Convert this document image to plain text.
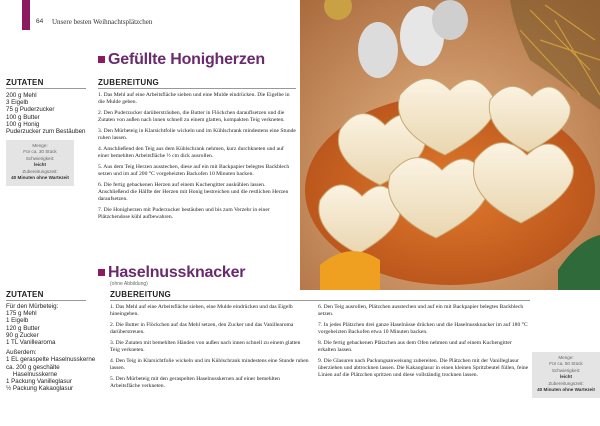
64 Unsere besten Weihnachtsplätzchen
Gefüllte Honigherzen
ZUTATEN	ZUBEREITUNG
200 g Mehl
3 Eigelb
75 g Puderzucker
100 g Butter
100 g Honig
Puderzucker zum Bestäuben
Menge:
Für ca. 30 Stück
Schwierigkeit:
leicht
Zubereitungszeit:
40 Minuten ohne Wartezeit

1. Das Mehl auf eine Arbeitsfläche sieben und eine Mulde eindrücken. Die Eigelbe in die Mulde geben.

2. Den Puderzucker darübersträuben, die Butter in Flöckchen darauflsetzen und die Zutaten von außen nach innen schnell zu einem glatten, kompakten Teig verkneten.

3. Den Mürbeteig in Klarsichtfolie wickeln und im Kühlschrank mindestens eine Stunde ruhen lassen.

4. Anschließend den Teig aus dem Kühlschrank nehmen, kurz durchkneten und auf einer bemehlten Arbeitsfläche ½ cm dick ausrollen.

5. Aus dem Teig Herzen ausstechen, diese auf ein mit Backpapier belegtes Backblech setzen und im auf 200 °C vorgeheizten Backofen 10 Minuten backen.

6. Die fertig gebackenen Herzen auf einem Kuchengitter auskühlen lassen. Anschließend die Hälfte der Herzen mit Honig bestreichen und die restlichen Herzen daraufsetzen.

7. Die Honigherzen mit Puderzucker bestäuben und bis zum Verzehr in einer Plätzchendose kühl aufbewahren.

Haselnussknacker
(ohne Abbildung)
ZUTATEN	ZUBEREITUNG
Für den Mürbeteig:
175 g Mehl
1 Eigelb
120 g Butter
90 g Zucker
1 TL Vanillearoma
Außerdem:
1 EL geraspelte Haselnusskerne
ca. 200 g geschälte
Haselnusskerne
1 Packung Vanilleglasur
½ Packung Kakaoglasur

1. Das Mehl auf eine Arbeitsfläche sieben, eine Mulde eindrücken und das Eigelb hineingeben.

2. Die Butter in Flöckchen auf das Mehl setzen, den Zucker und das Vanillearoma darüberstreuen.

3. Die Zutaten mit bemehlten Händen von außen nach innen schnell zu einem glatten Teig verkneten.

4. Den Teig in Klarsichtfolie wickeln und im Kühlschrank mindestens eine Stunde ruhen lassen.

5. Den Mürbeteig mit den geraspelten Haselnusskernen auf einer bemehlten Arbeitsfläche verkneten.

6. Den Teig ausrollen, Plätzchen ausstechen und auf ein mit Backpapier belegtes Backblech setzen.

7. In jedes Plätzchen drei ganze Haselnüsse drücken und die Haselnussknacker im auf 180 °C vorgeheizten Backofen etwa 10 Minuten backen.

8. Die fertig gebackenen Plätzchen aus dem Ofen nehmen und auf einem Kuchengitter erkalten lassen.

9. Die Glasuren nach Packungsanweisung zubereiten. Die Plätzchen mit der Vanilleglasur überziehen und abtrocknen lassen. Die Kakaoglasur in einen kleinen Spritzbeutel füllen, feine Linien auf die Plätzchen spritzen und diese vollständig trocknen lassen.

Menge:
Für ca. 50 Stück
Schwierigkeit:
leicht
Zubereitungszeit:
40 Minuten ohne Wartezeit
